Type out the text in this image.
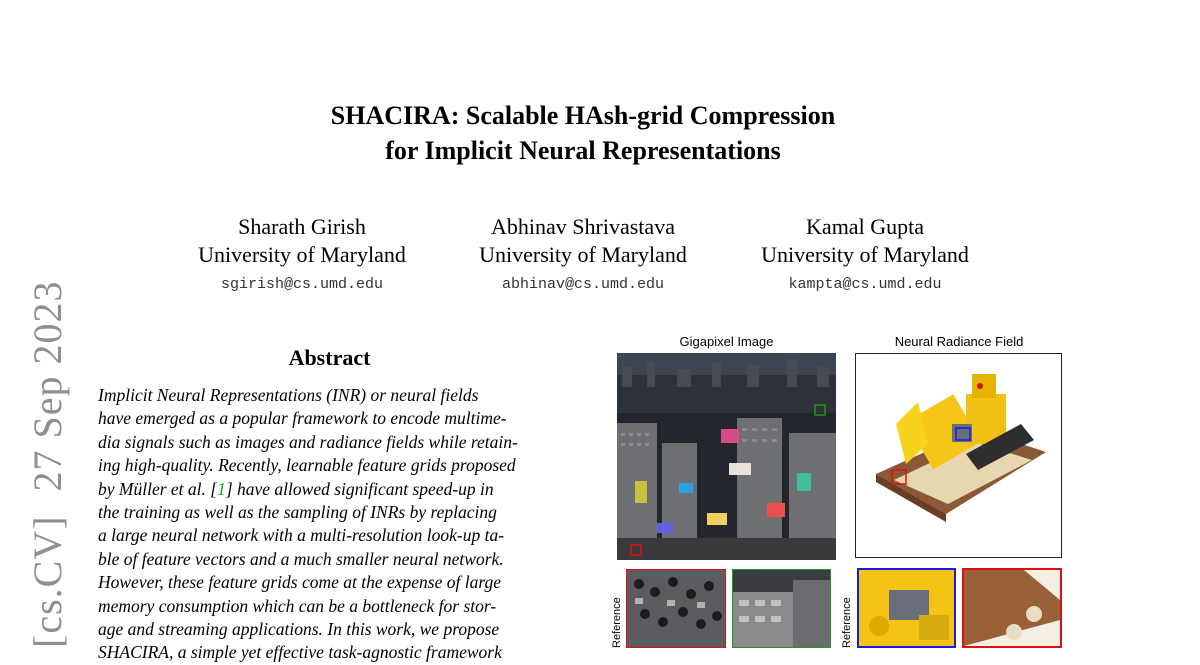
SHACIRA: Scalable HAsh-grid Compression
for Implicit Neural Representations
Sharath Girish
University of Maryland
sgirish@cs.umd.edu
Abhinav Shrivastava
University of Maryland
abhinav@cs.umd.edu
Kamal Gupta
University of Maryland
kampta@cs.umd.edu
[cs.CV]27 Sep 2023	Abstract
Implicit Neural Representations (INR) or neural fields
have emerged as a popular framework to encode multime-
dia signals such as images and radiance fields while retain-
ing high-quality. Recently, learnable feature grids proposed
by Müller et al. [1] have allowed significant speed-up in
the training as well as the sampling of INRs by replacing
a large neural network with a multi-resolution look-up ta-
ble of feature vectors and a much smaller neural network.
However, these feature grids come at the expense of large
memory consumption which can be a bottleneck for stor-
age and streaming applications. In this work, we propose
SHACIRA, a simple yet effective task-agnostic framework
Gigapixel Image	Neural Radiance Field
Reference	Reference
